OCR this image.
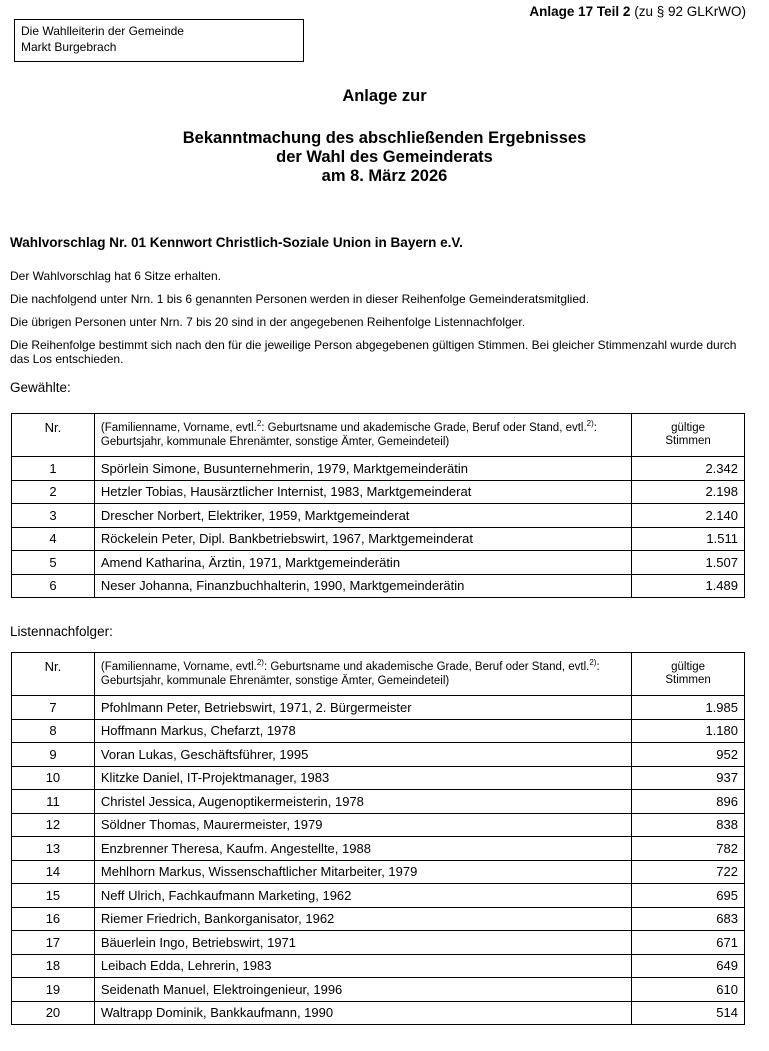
Anlage 17 Teil 2 (zu § 92 GLKrWO)
Die Wahlleiterin der Gemeinde
Markt Burgebrach
Anlage zur
Bekanntmachung des abschließenden Ergebnisses
der Wahl des Gemeinderats
am 8. März 2026
Wahlvorschlag Nr. 01 Kennwort Christlich-Soziale Union in Bayern e.V.
Der Wahlvorschlag hat 6 Sitze erhalten.
Die nachfolgend unter Nrn. 1 bis 6 genannten Personen werden in dieser Reihenfolge Gemeinderatsmitglied.
Die übrigen Personen unter Nrn. 7 bis 20 sind in der angegebenen Reihenfolge Listennachfolger.
Die Reihenfolge bestimmt sich nach den für die jeweilige Person abgegebenen gültigen Stimmen. Bei gleicher Stimmenzahl wurde durch das Los entschieden.
Gewählte:
Nr.	(Familienname, Vorname, evtl.$^2$: Geburtsname und akademische Grade, Beruf oder Stand, evtl.$^{2)}$:
Geburtsjahr, kommunale Ehrenämter, sonstige Ämter, Gemeindeteil)	gültige
Stimmen
1	Spörlein Simone, Busunternehmerin, 1979, Marktgemeinderätin	2.342
2	Hetzler Tobias, Hausärztlicher Internist, 1983, Marktgemeinderat	2.198
3	Drescher Norbert, Elektriker, 1959, Marktgemeinderat	2.140
4	Röckelein Peter, Dipl. Bankbetriebswirt, 1967, Marktgemeinderat	1.511
5	Amend Katharina, Ärztin, 1971, Marktgemeinderätin	1.507
6	Neser Johanna, Finanzbuchhalterin, 1990, Marktgemeinderätin	1.489
Listennachfolger:
Nr.	(Familienname, Vorname, evtl.$^{2)}$: Geburtsname und akademische Grade, Beruf oder Stand, evtl.$^{2)}$:
Geburtsjahr, kommunale Ehrenämter, sonstige Ämter, Gemeindeteil)	gültige
Stimmen
7	Pfohlmann Peter, Betriebswirt, 1971, 2. Bürgermeister	1.985
8	Hoffmann Markus, Chefarzt, 1978	1.180
9	Voran Lukas, Geschäftsführer, 1995	952
10	Klitzke Daniel, IT-Projektmanager, 1983	937
11	Christel Jessica, Augenoptikermeisterin, 1978	896
12	Söldner Thomas, Maurermeister, 1979	838
13	Enzbrenner Theresa, Kaufm. Angestellte, 1988	782
14	Mehlhorn Markus, Wissenschaftlicher Mitarbeiter, 1979	722
15	Neff Ulrich, Fachkaufmann Marketing, 1962	695
16	Riemer Friedrich, Bankorganisator, 1962	683
17	Bäuerlein Ingo, Betriebswirt, 1971	671
18	Leibach Edda, Lehrerin, 1983	649
19	Seidenath Manuel, Elektroingenieur, 1996	610
20	Waltrapp Dominik, Bankkaufmann, 1990	514
